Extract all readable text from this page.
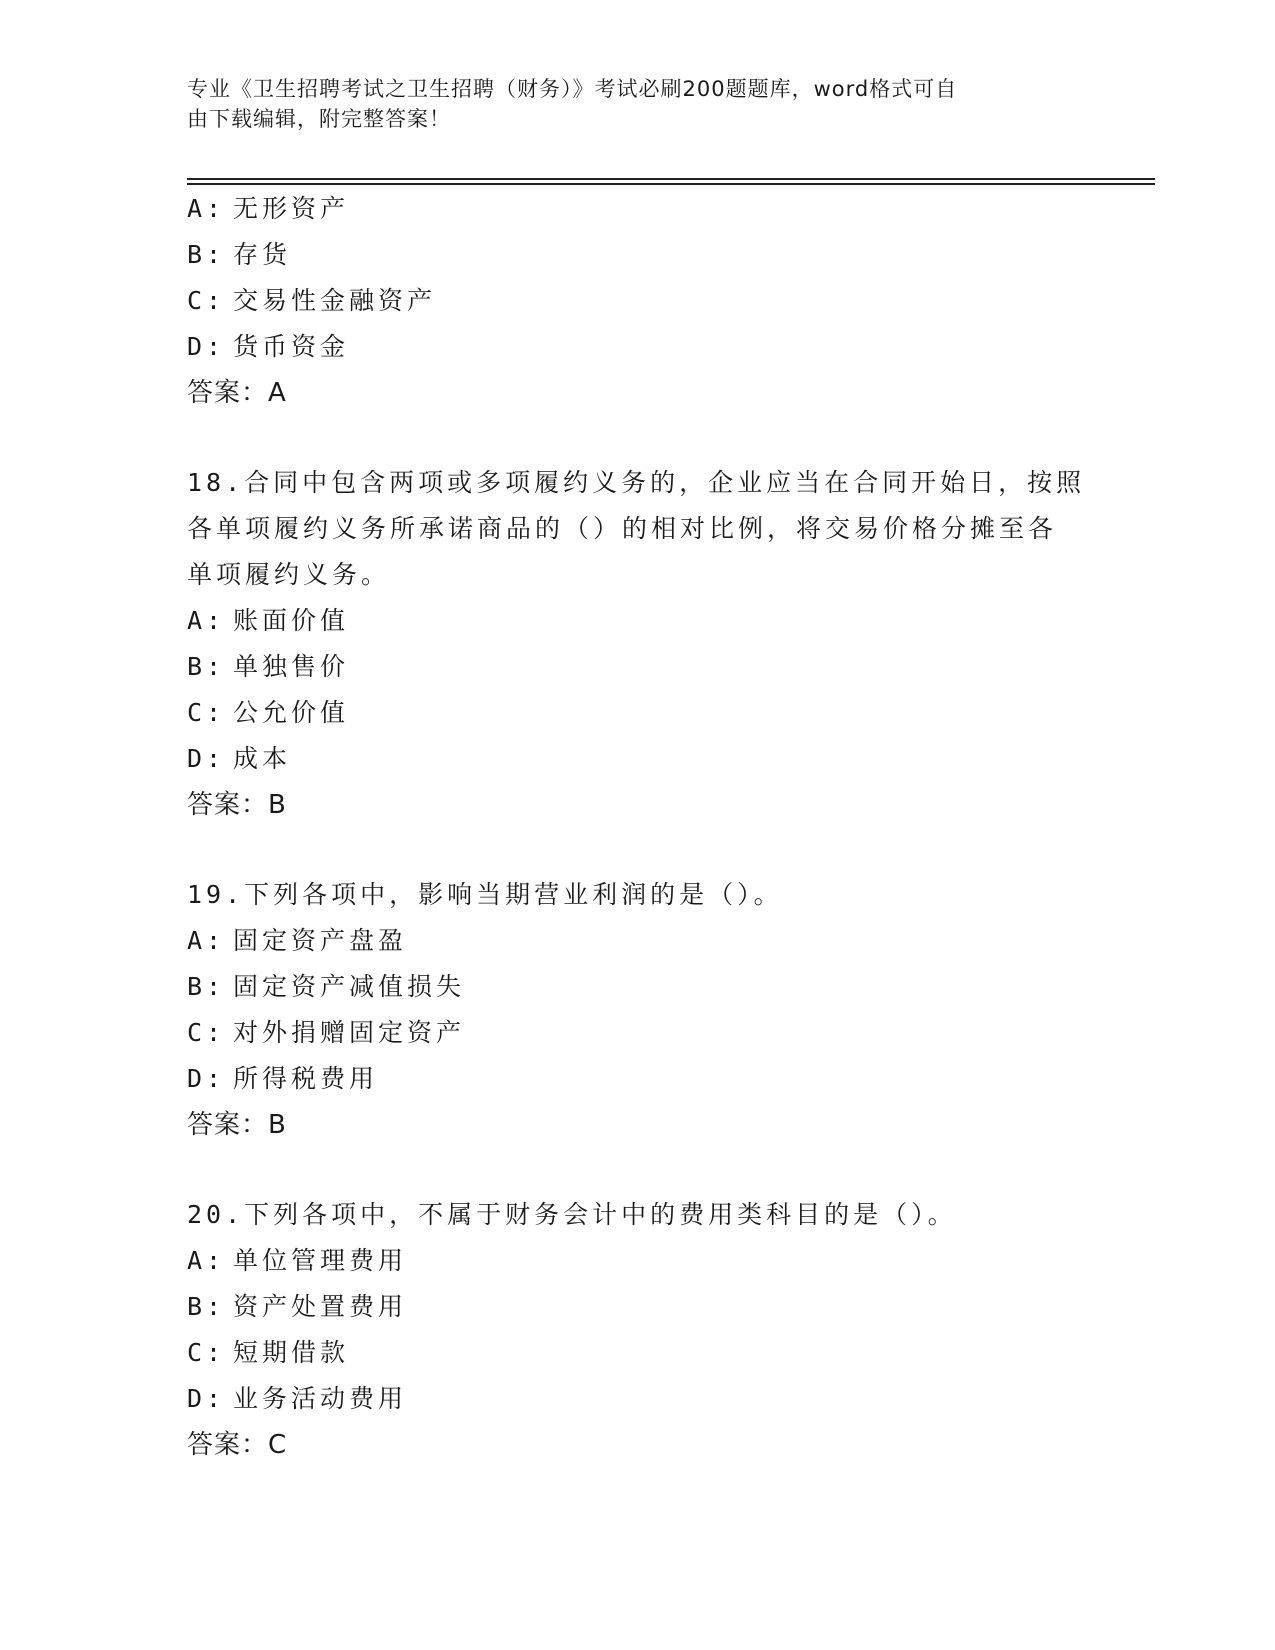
专业《卫生招聘考试之卫生招聘（财务）》考试必刷200题题库，word格式可自
由下载编辑，附完整答案！
A: 无形资产
B: 存货
C: 交易性金融资产
D: 货币资金
答案：A
18.合同中包含两项或多项履约义务的，企业应当在合同开始日，按照
各单项履约义务所承诺商品的（）的相对比例，将交易价格分摊至各
单项履约义务。
A: 账面价值
B: 单独售价
C: 公允价值
D: 成本
答案：B
19.下列各项中，影响当期营业利润的是（）。
A: 固定资产盘盈
B: 固定资产减值损失
C: 对外捐赠固定资产
D: 所得税费用
答案：B
20.下列各项中，不属于财务会计中的费用类科目的是（）。
A: 单位管理费用
B: 资产处置费用
C: 短期借款
D: 业务活动费用
答案：C
